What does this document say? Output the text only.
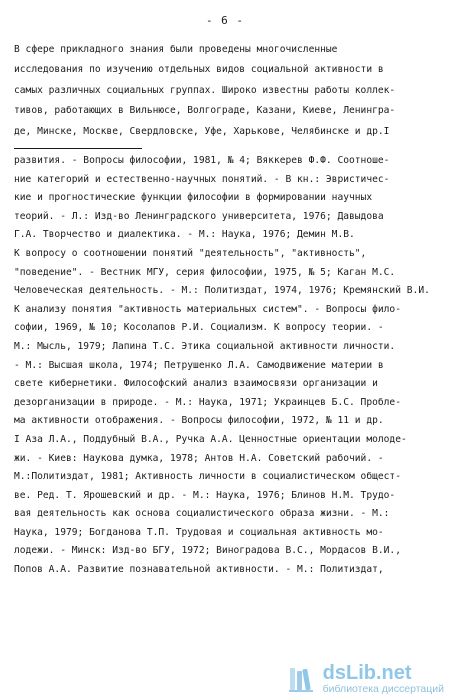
- 6 -
В сфере прикладного знания были проведены многочисленные
исследования по изучению отдельных видов социальной активности в
самых различных социальных группах. Широко известны работы коллек-
тивов, работающих в Вильнюсе, Волгограде, Казани, Киеве, Ленингра-
де, Минске, Москве, Свердловске, Уфе, Харькове, Челябинске и др.I
развития. - Вопросы философии, 1981, № 4; Вяккерев Ф.Ф. Соотноше-
ние категорий и естественно-научных понятий. - В кн.: Эвристичес-
кие и прогностические функции философии в формировании научных
теорий. - Л.: Изд-во Ленинградского университета, 1976; Давыдова
Г.А. Творчество и диалектика. - М.: Наука, 1976; Демин М.В.
К вопросу о соотношении понятий "деятельность", "активность",
"поведение". - Вестник МГУ, серия философии, 1975, № 5; Каган М.С.
Человеческая деятельность. - М.: Политиздат, 1974, 1976; Кремянский В.И.
К анализу понятия "активность материальных систем". - Вопросы фило-
софии, 1969, № 10; Косолапов Р.И. Социализм. К вопросу теории. -
М.: Мысль, 1979; Лапина Т.С. Этика социальной активности личности.
- М.: Высшая школа, 1974; Петрушенко Л.А. Самодвижение материи в
свете кибернетики. Философский анализ взаимосвязи организации и
дезорганизации в природе. - М.: Наука, 1971; Украинцев Б.С. Пробле-
ма активности отображения. - Вопросы философии, 1972, № 11 и др.
I Аза Л.А., Поддубный В.А., Ручка А.А. Ценностные ориентации молоде-
жи. - Киев: Наукова думка, 1978; Антов Н.А. Советский рабочий. -
М.:Политиздат, 1981; Активность личности в социалистическом общест-
ве. Ред. Т. Ярошевский и др. - М.: Наука, 1976; Блинов Н.М. Трудо-
вая деятельность как основа социалистического образа жизни. - М.:
Наука, 1979; Богданова Т.П. Трудовая и социальная активность мо-
лодежи. - Минск: Изд-во БГУ, 1972; Виноградова В.С., Мордасов В.И.,
Попов А.А. Развитие познавательной активности. - М.: Политиздат,
dsLib.net
библиотека диссертаций
